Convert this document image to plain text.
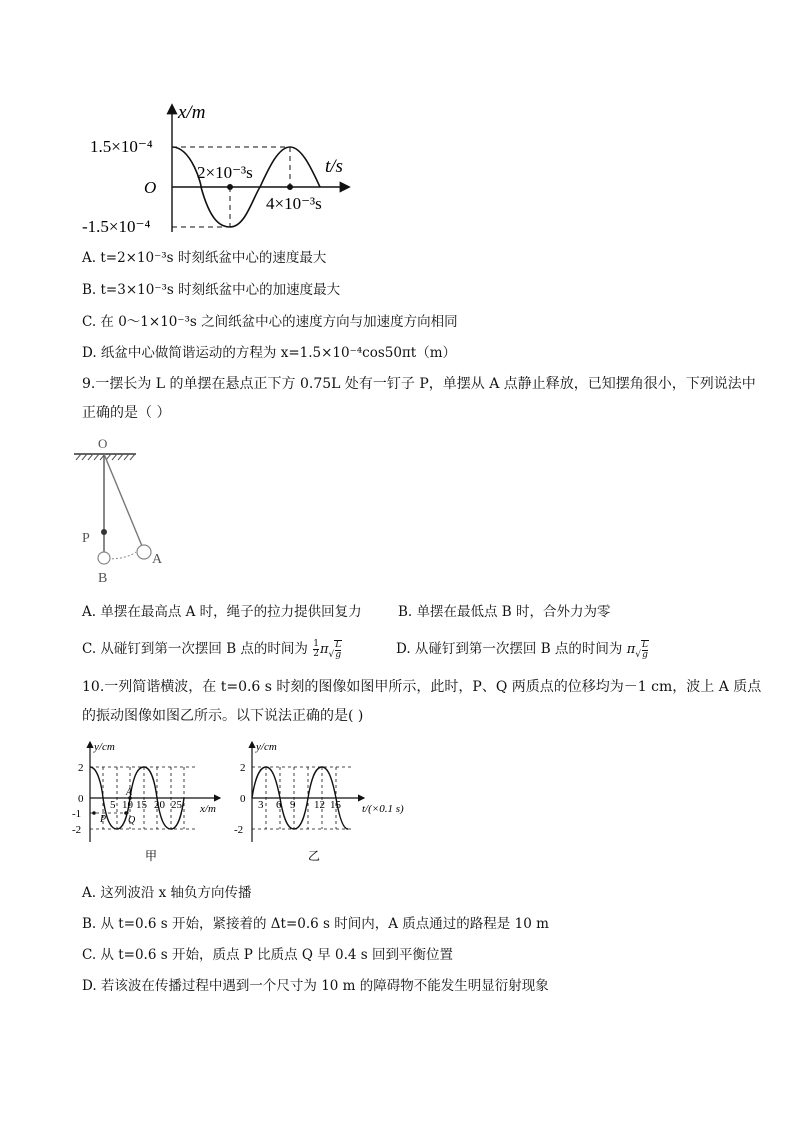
x/m
t/s
1.5×10⁻⁴
-1.5×10⁻⁴
O
2×10⁻³s
4×10⁻³s
A. t=2×10⁻³s 时刻纸盆中心的速度最大
B. t=3×10⁻³s 时刻纸盆中心的加速度最大
C. 在 0～1×10⁻³s 之间纸盆中心的速度方向与加速度方向相同
D. 纸盆中心做简谐运动的方程为 x=1.5×10⁻⁴cos50πt（m）
9.一摆长为 L 的单摆在悬点正下方 0.75L 处有一钉子 P，单摆从 A 点静止释放，已知摆角很小，下列说法中
正确的是（ ）
O
P
A
B
A. 单摆在最高点 A 时，绳子的拉力提供回复力	B. 单摆在最低点 B 时，合外力为零
C. 从碰钉到第一次摆回 B 点的时间为 $\frac{1}{2} \pi√ \frac{L}{g}$	D. 从碰钉到第一次摆回 B 点的时间为 $\pi√ \frac{L}{g}$
10.一列简谐横波，在 t=0.6 s 时刻的图像如图甲所示，此时，P、Q 两质点的位移均为－1 cm，波上 A 质点
的振动图像如图乙所示。以下说法正确的是( )
y/cm
x/m
2
0
-1
-2
5 10 15 20 25
A
P Q
甲
y/cm
t/(×0.1 s)
2
0
-2
3 6 9 12 15
乙
A. 这列波沿 x 轴负方向传播
B. 从 t=0.6 s 开始，紧接着的 Δt=0.6 s 时间内，A 质点通过的路程是 10 m
C. 从 t=0.6 s 开始，质点 P 比质点 Q 早 0.4 s 回到平衡位置
D. 若该波在传播过程中遇到一个尺寸为 10 m 的障碍物不能发生明显衍射现象
